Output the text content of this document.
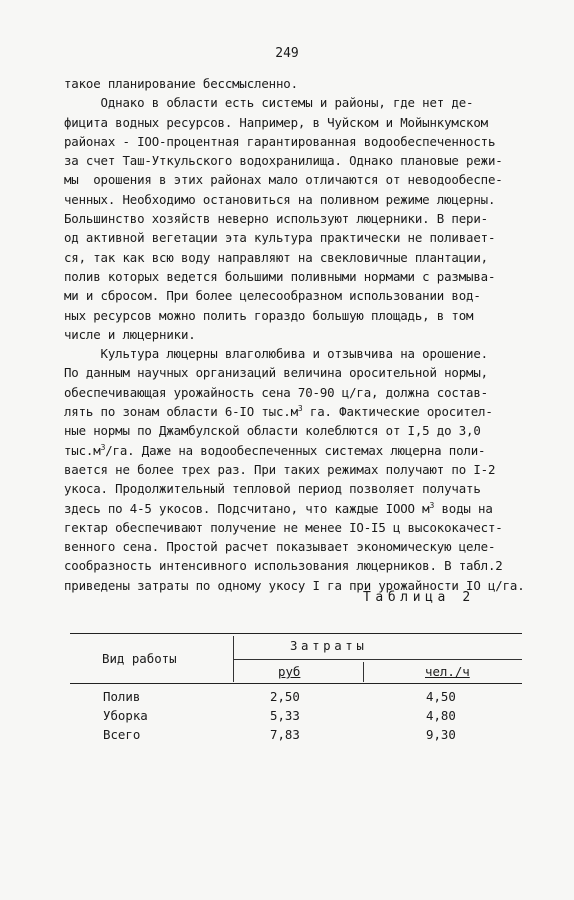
249
такое планирование бессмысленно.
Однако в области есть системы и районы, где нет де-
фицита водных ресурсов. Например, в Чуйском и Мойынкумском
районах - IOO-процентная гарантированная водообеспеченность
за счет Таш-Уткульского водохранилища. Однако плановые режи-
мы  орошения в этих районах мало отличаются от неводообеспе-
ченных. Необходимо остановиться на поливном режиме люцерны.
Большинство хозяйств неверно используют люцерники. В пери-
од активной вегетации эта культура практически не поливает-
ся, так как всю воду направляют на свекловичные плантации,
полив которых ведется большими поливными нормами с размыва-
ми и сбросом. При более целесообразном использовании вод-
ных ресурсов можно полить гораздо большую площадь, в том
числе и люцерники.
Культура люцерны влаголюбива и отзывчива на орошение.
По данным научных организаций величина оросительной нормы,
обеспечивающая урожайность сена 70-90 ц/га, должна состав-
лять по зонам области 6-IO $тыс.м^3$ га. Фактические оросител-
ные нормы по Джамбулской области колеблются от I,5 до 3,0
$тыс.м^3/га$. Даже на водообеспеченных системах люцерна поли-
вается не более трех раз. При таких режимах получают по I-2
укоса. Продолжительный тепловой период позволяет получать
здесь по 4-5 укосов. Подсчитано, что каждые IOOO $м^3$ воды на
гектар обеспечивают получение не менее IO-I5 ц высококачест-
венного сена. Простой расчет показывает экономическую целе-
сообразность интенсивного использования люцерников. В табл.2
приведены затраты по одному укосу I га при урожайности IO ц/га.
Таблица 2
Вид работы
Затраты
руб	чел./ч
Полив	2,50	4,50
Уборка	5,33	4,80
Всего	7,83	9,30
